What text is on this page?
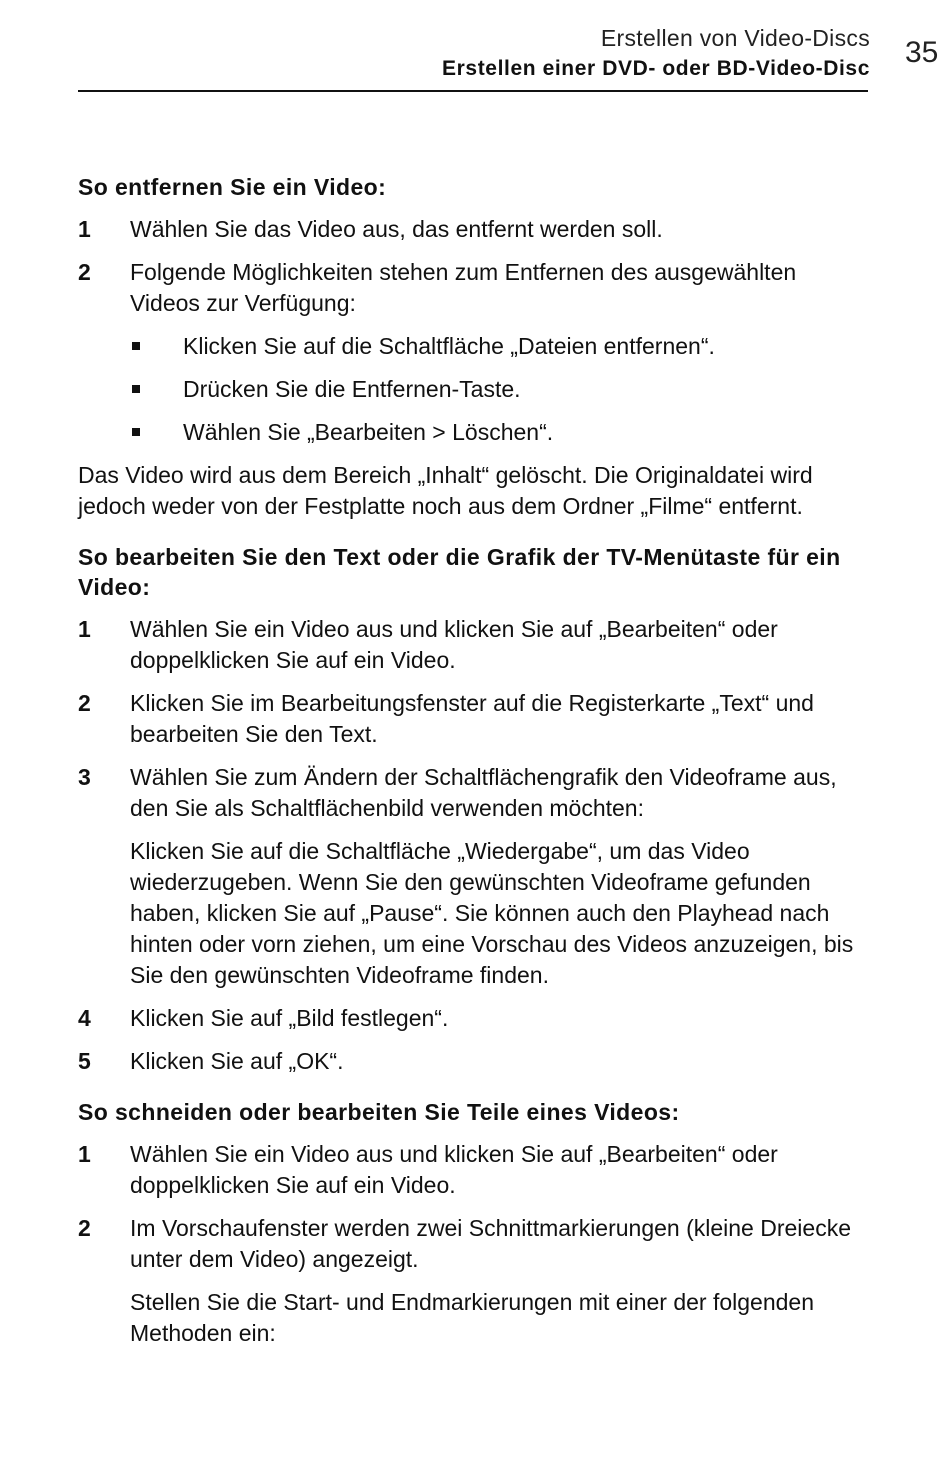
Erstellen von Video-Discs
Erstellen einer DVD- oder BD-Video-Disc 35
So entfernen Sie ein Video:
1 Wählen Sie das Video aus, das entfernt werden soll.
2 Folgende Möglichkeiten stehen zum Entfernen des ausgewählten Videos zur Verfügung:
Klicken Sie auf die Schaltfläche „Dateien entfernen“.
Drücken Sie die Entfernen-Taste.
Wählen Sie „Bearbeiten > Löschen“.

Das Video wird aus dem Bereich „Inhalt“ gelöscht. Die Originaldatei wird jedoch weder von der Festplatte noch aus dem Ordner „Filme“ entfernt.

So bearbeiten Sie den Text oder die Grafik der TV-Menütaste für ein Video:
1 Wählen Sie ein Video aus und klicken Sie auf „Bearbeiten“ oder doppelklicken Sie auf ein Video.
2 Klicken Sie im Bearbeitungsfenster auf die Registerkarte „Text“ und bearbeiten Sie den Text.
3 Wählen Sie zum Ändern der Schaltflächengrafik den Videoframe aus, den Sie als Schaltflächenbild verwenden möchten:
Klicken Sie auf die Schaltfläche „Wiedergabe“, um das Video wiederzugeben. Wenn Sie den gewünschten Videoframe gefunden haben, klicken Sie auf „Pause“. Sie können auch den Playhead nach hinten oder vorn ziehen, um eine Vorschau des Videos anzuzeigen, bis Sie den gewünschten Videoframe finden.
4 Klicken Sie auf „Bild festlegen“.
5 Klicken Sie auf „OK“.
So schneiden oder bearbeiten Sie Teile eines Videos:
1 Wählen Sie ein Video aus und klicken Sie auf „Bearbeiten“ oder doppelklicken Sie auf ein Video.
2 Im Vorschaufenster werden zwei Schnittmarkierungen (kleine Dreiecke unter dem Video) angezeigt.
Stellen Sie die Start- und Endmarkierungen mit einer der folgenden Methoden ein:
